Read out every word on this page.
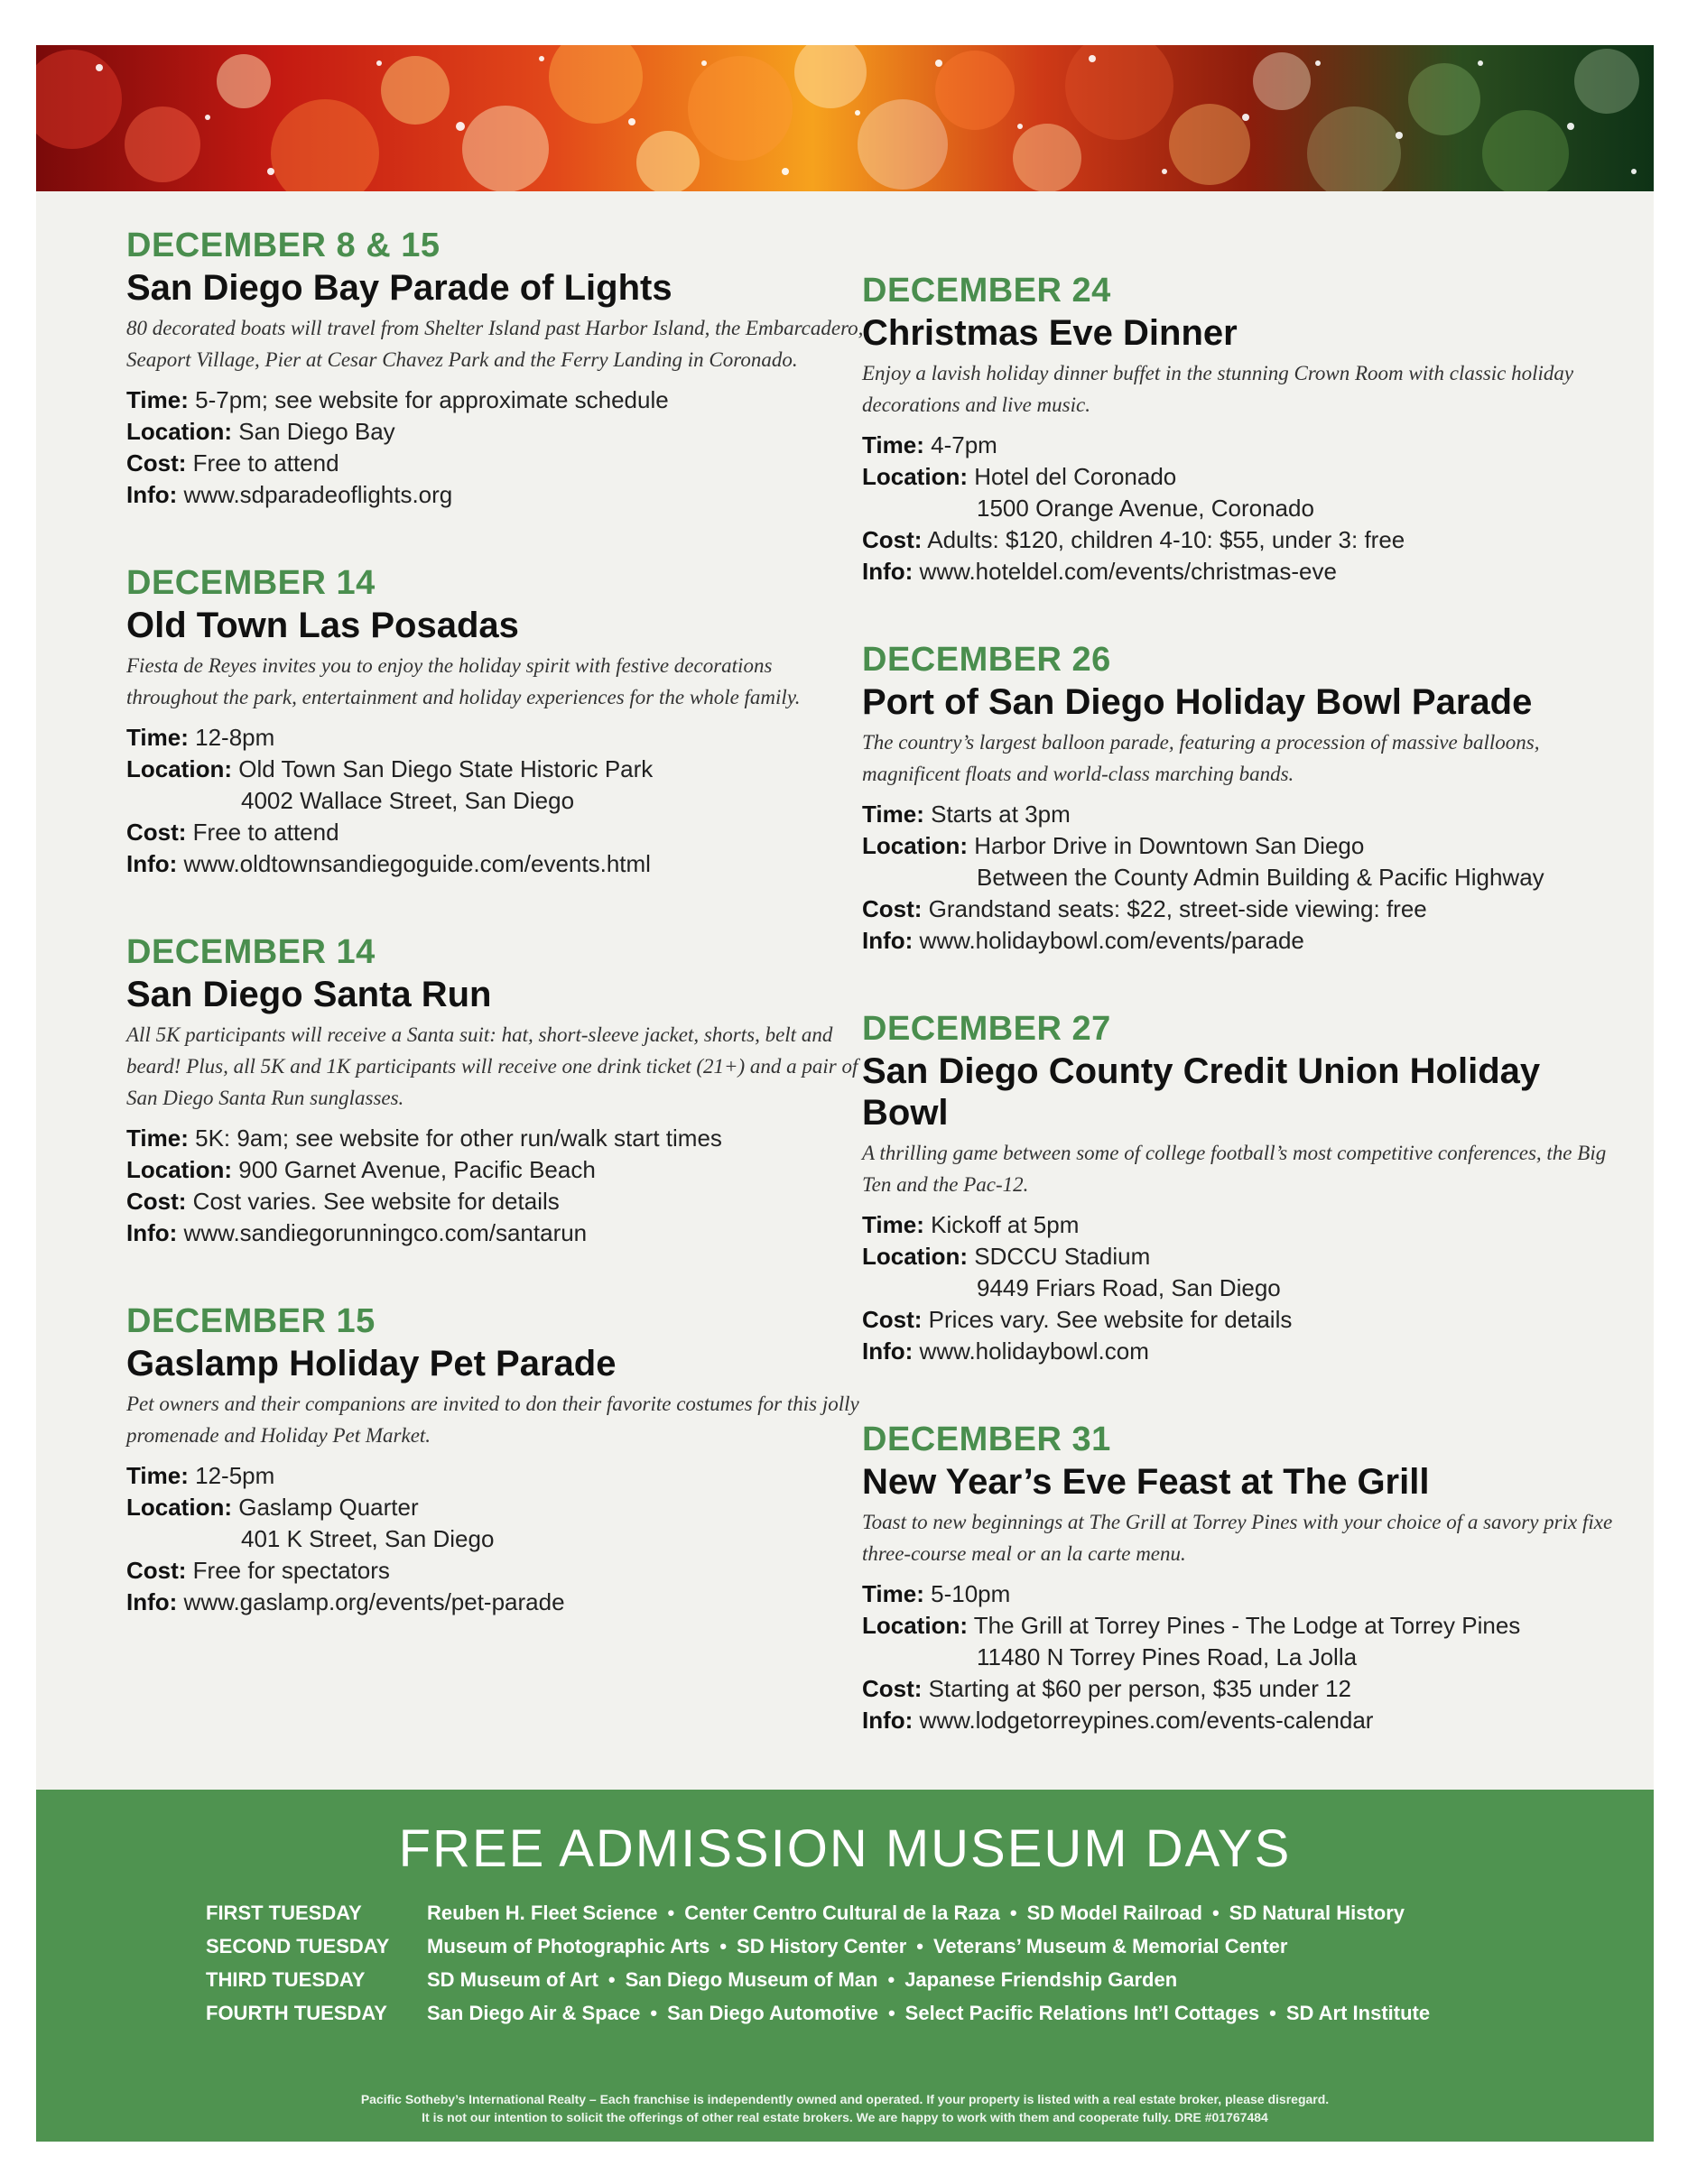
DECEMBER 8 & 15
San Diego Bay Parade of Lights
80 decorated boats will travel from Shelter Island past Harbor Island, the Embarcadero, Seaport Village, Pier at Cesar Chavez Park and the Ferry Landing in Coronado.
Time: 5-7pm; see website for approximate schedule
Location: San Diego Bay
Cost: Free to attend
Info: www.sdparadeoflights.org
DECEMBER 14
Old Town Las Posadas
Fiesta de Reyes invites you to enjoy the holiday spirit with festive decorations throughout the park, entertainment and holiday experiences for the whole family.
Time: 12-8pm
Location: Old Town San Diego State Historic Park
4002 Wallace Street, San Diego
Cost: Free to attend
Info: www.oldtownsandiegoguide.com/events.html
DECEMBER 14
San Diego Santa Run
All 5K participants will receive a Santa suit: hat, short-sleeve jacket, shorts, belt and beard! Plus, all 5K and 1K participants will receive one drink ticket (21+) and a pair of San Diego Santa Run sunglasses.
Time: 5K: 9am; see website for other run/walk start times
Location: 900 Garnet Avenue, Pacific Beach
Cost: Cost varies. See website for details
Info: www.sandiegorunningco.com/santarun
DECEMBER 15
Gaslamp Holiday Pet Parade
Pet owners and their companions are invited to don their favorite costumes for this jolly promenade and Holiday Pet Market.
Time: 12-5pm
Location: Gaslamp Quarter
401 K Street, San Diego
Cost: Free for spectators
Info: www.gaslamp.org/events/pet-parade
DECEMBER 24
Christmas Eve Dinner
Enjoy a lavish holiday dinner buffet in the stunning Crown Room with classic holiday decorations and live music.
Time: 4-7pm
Location: Hotel del Coronado
1500 Orange Avenue, Coronado
Cost: Adults: $120, children 4-10: $55, under 3: free
Info: www.hoteldel.com/events/christmas-eve
DECEMBER 26
Port of San Diego Holiday Bowl Parade
The country’s largest balloon parade, featuring a procession of massive balloons, magnificent floats and world-class marching bands.
Time: Starts at 3pm
Location: Harbor Drive in Downtown San Diego
Between the County Admin Building & Pacific Highway
Cost: Grandstand seats: $22, street-side viewing: free
Info: www.holidaybowl.com/events/parade
DECEMBER 27
San Diego County Credit Union Holiday Bowl
A thrilling game between some of college football’s most competitive conferences, the Big Ten and the Pac-12.
Time: Kickoff at 5pm
Location: SDCCU Stadium
9449 Friars Road, San Diego
Cost: Prices vary. See website for details
Info: www.holidaybowl.com
DECEMBER 31
New Year’s Eve Feast at The Grill
Toast to new beginnings at The Grill at Torrey Pines with your choice of a savory prix fixe three-course meal or an la carte menu.
Time: 5-10pm
Location: The Grill at Torrey Pines - The Lodge at Torrey Pines
11480 N Torrey Pines Road, La Jolla
Cost: Starting at $60 per person, $35 under 12
Info: www.lodgetorreypines.com/events-calendar
FREE ADMISSION MUSEUM DAYS
FIRST TUESDAY	Reuben H. Fleet Science • Center Centro Cultural de la Raza • SD Model Railroad • SD Natural History
SECOND TUESDAY	Museum of Photographic Arts • SD History Center • Veterans’ Museum & Memorial Center
THIRD TUESDAY	SD Museum of Art • San Diego Museum of Man • Japanese Friendship Garden
FOURTH TUESDAY	San Diego Air & Space • San Diego Automotive • Select Pacific Relations Int’l Cottages • SD Art Institute
Pacific Sotheby’s International Realty – Each franchise is independently owned and operated. If your property is listed with a real estate broker, please disregard.
It is not our intention to solicit the offerings of other real estate brokers. We are happy to work with them and cooperate fully. DRE #01767484
